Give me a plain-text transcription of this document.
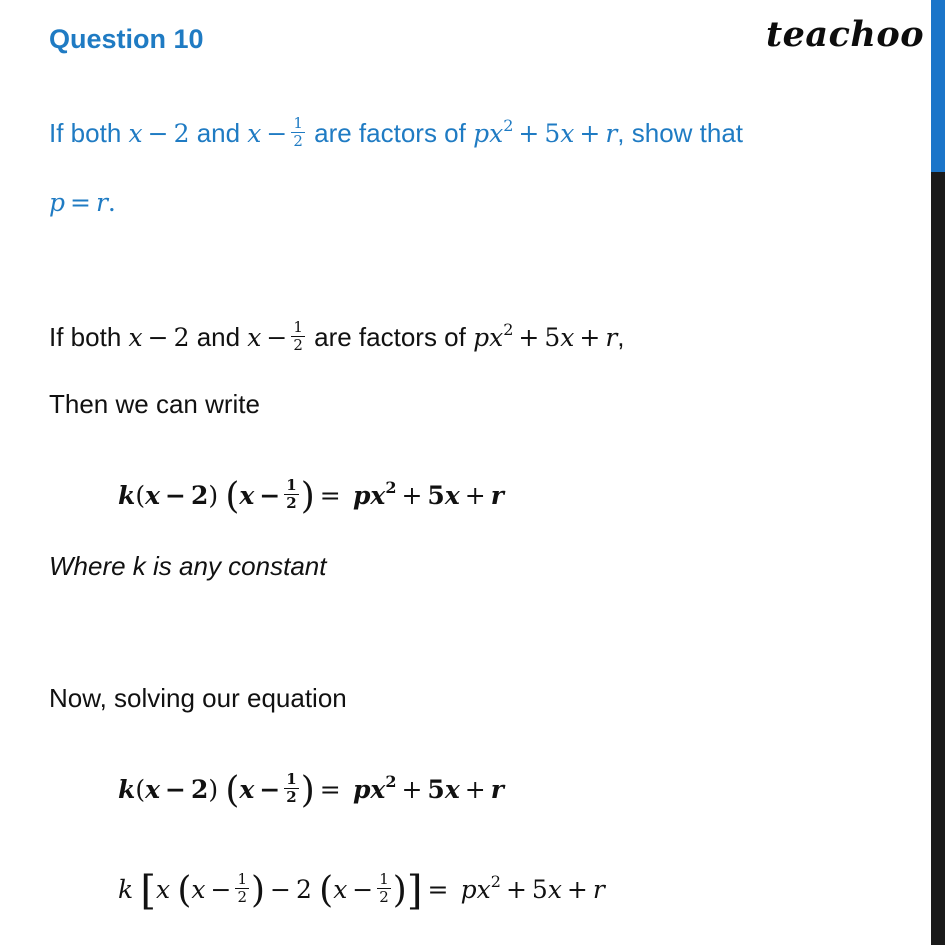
Question 10	teachoo
If both x − 2 and $x - \frac{1}{2}$ are factors of $px^2 + 5x + r$, show that
p = r.
If both x − 2 and $x - \frac{1}{2}$ are factors of $px^2 + 5x + r$,
Then we can write
k(x − 2) ($x - \frac{1}{2}$ ) = $px^2 + 5x + r$
Where k is any constant
Now, solving our equation
k(x − 2) ($x - \frac{1}{2}$ ) = $px^2 + 5x + r$
k [x ($x - \frac{1}{2}$ ) − 2 ($x - \frac{1}{2}$ )] = $px^2 + 5x + r$
